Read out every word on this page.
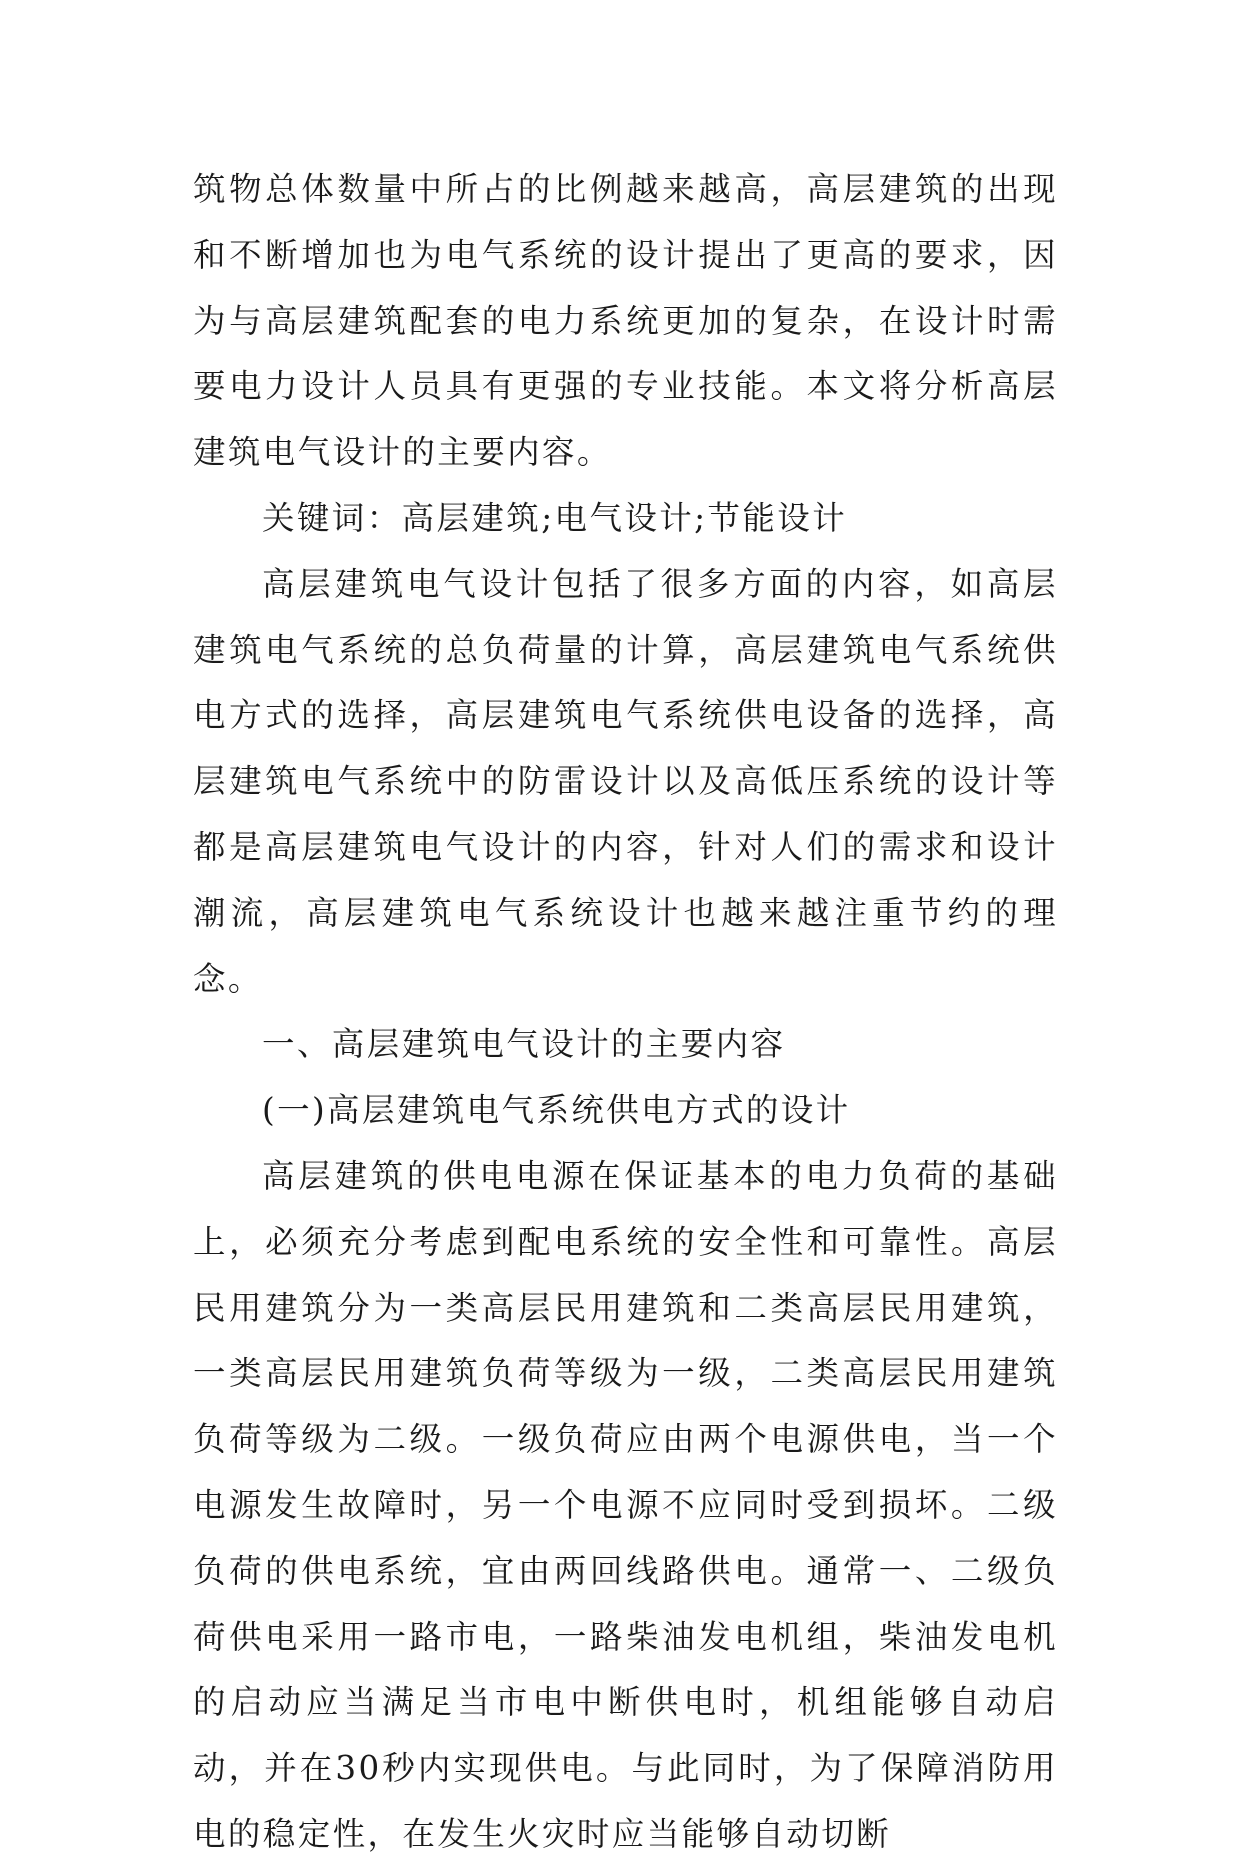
筑物总体数量中所占的比例越来越高，高层建筑的出现和不断增加也为电气系统的设计提出了更高的要求，因为与高层建筑配套的电力系统更加的复杂，在设计时需要电力设计人员具有更强的专业技能。本文将分析高层建筑电气设计的主要内容。

关键词：高层建筑;电气设计;节能设计

高层建筑电气设计包括了很多方面的内容，如高层建筑电气系统的总负荷量的计算，高层建筑电气系统供电方式的选择，高层建筑电气系统供电设备的选择，高层建筑电气系统中的防雷设计以及高低压系统的设计等都是高层建筑电气设计的内容，针对人们的需求和设计潮流，高层建筑电气系统设计也越来越注重节约的理念。

一、高层建筑电气设计的主要内容

(一)高层建筑电气系统供电方式的设计

高层建筑的供电电源在保证基本的电力负荷的基础上，必须充分考虑到配电系统的安全性和可靠性。高层民用建筑分为一类高层民用建筑和二类高层民用建筑，一类高层民用建筑负荷等级为一级，二类高层民用建筑负荷等级为二级。一级负荷应由两个电源供电，当一个电源发生故障时，另一个电源不应同时受到损坏。二级负荷的供电系统，宜由两回线路供电。通常一、二级负荷供电采用一路市电，一路柴油发电机组，柴油发电机的启动应当满足当市电中断供电时，机组能够自动启动，并在30秒内实现供电。与此同时，为了保障消防用电的稳定性，在发生火灾时应当能够自动切断
